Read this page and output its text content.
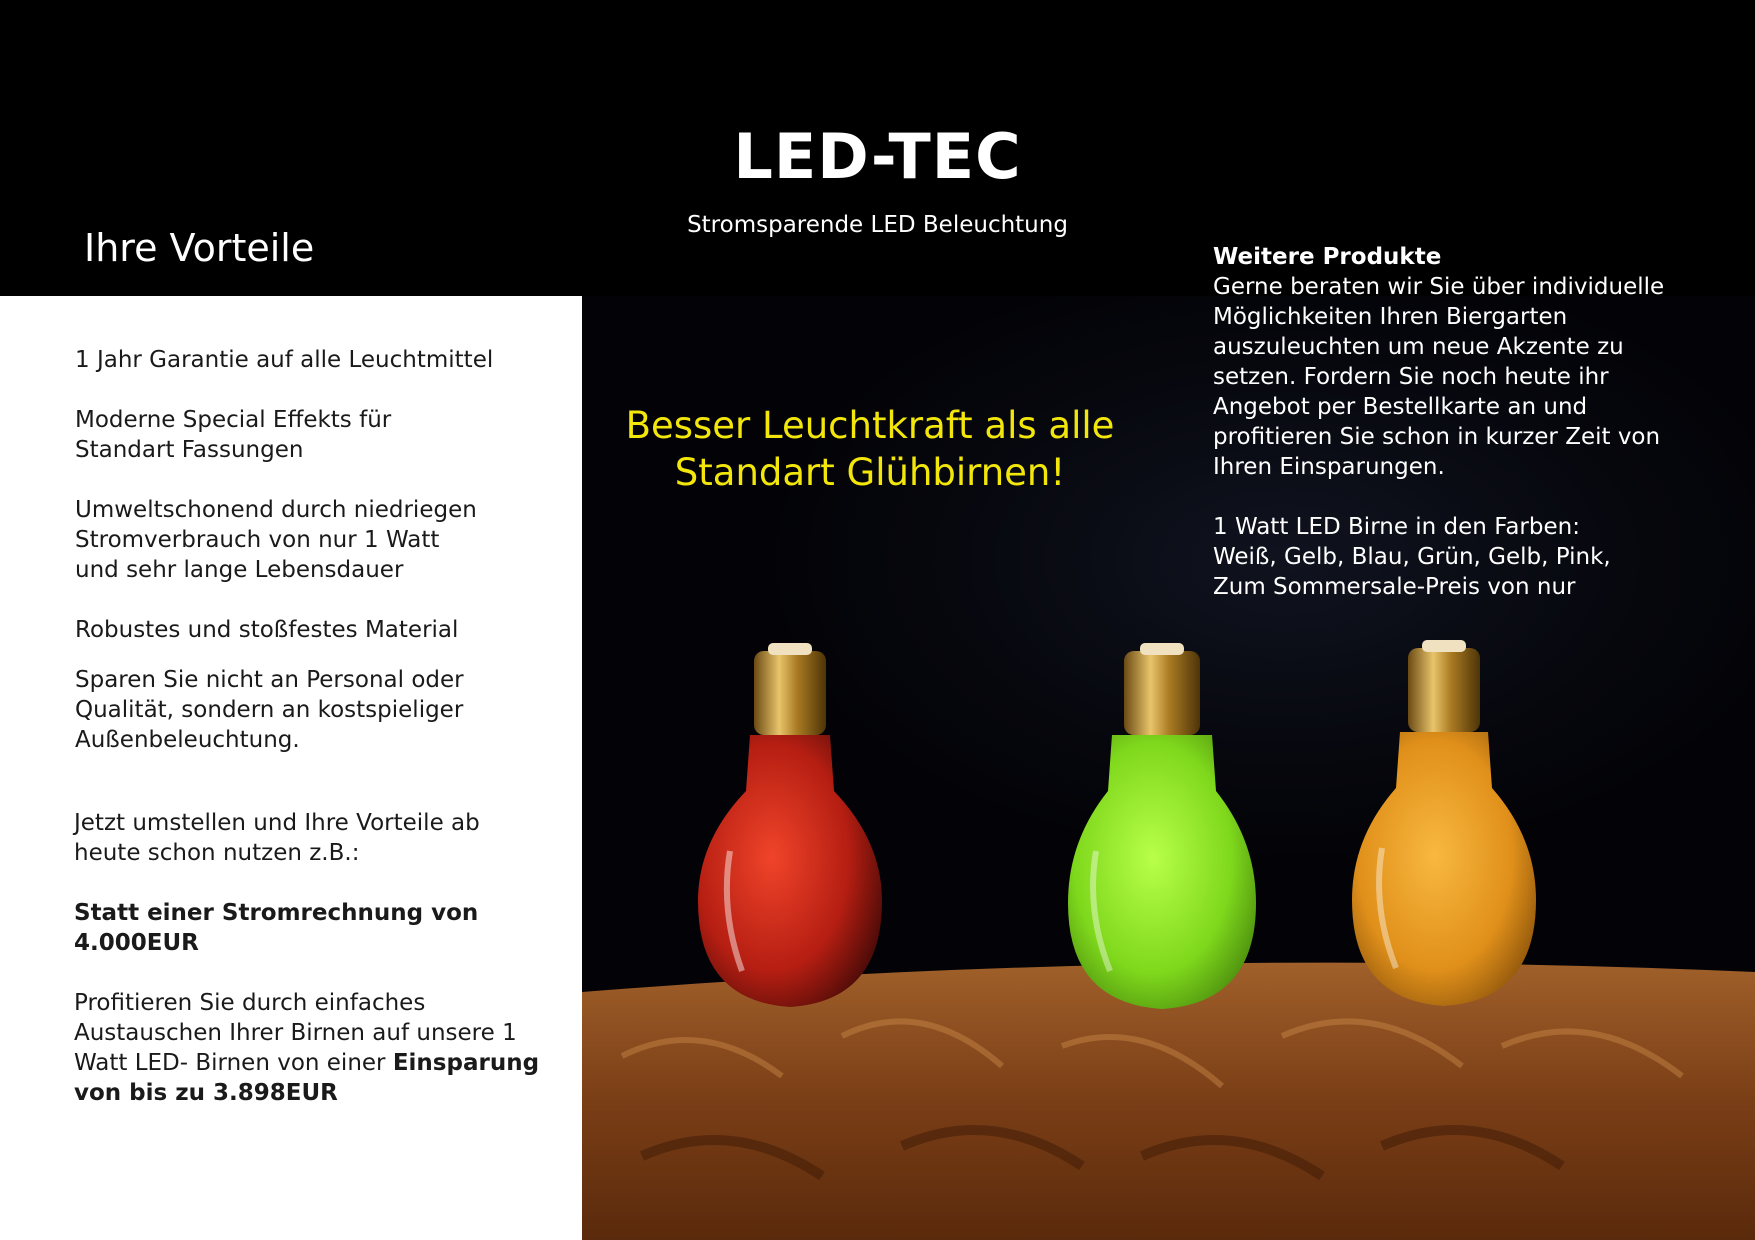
LED-TEC
Stromsparende LED Beleuchtung
Ihre Vorteile
1 Jahr Garantie auf alle Leuchtmittel
Moderne Special Effekts für
Standart Fassungen
Umweltschonend durch niedriegen
Stromverbrauch von nur 1 Watt
und sehr lange Lebensdauer
Robustes und stoßfestes Material
Sparen Sie nicht an Personal oder
Qualität, sondern an kostspieliger
Außenbeleuchtung.
Jetzt umstellen und Ihre Vorteile ab
heute schon nutzen z.B.:
Statt einer Stromrechnung von
4.000EUR
Profitieren Sie durch einfaches Austauschen Ihrer Birnen auf unsere 1 Watt LED- Birnen von einer Einsparung von bis zu 3.898EUR
Besser Leuchtkraft als alle
Standart Glühbirnen!
Weitere Produkte
Gerne beraten wir Sie über individuelle
Möglichkeiten Ihren Biergarten
auszuleuchten um neue Akzente zu
setzen. Fordern Sie noch heute ihr
Angebot per Bestellkarte an und
profitieren Sie schon in kurzer Zeit von
Ihren Einsparungen.
1 Watt LED Birne in den Farben:
Weiß, Gelb, Blau, Grün, Gelb, Pink,
Zum Sommersale-Preis von nur
